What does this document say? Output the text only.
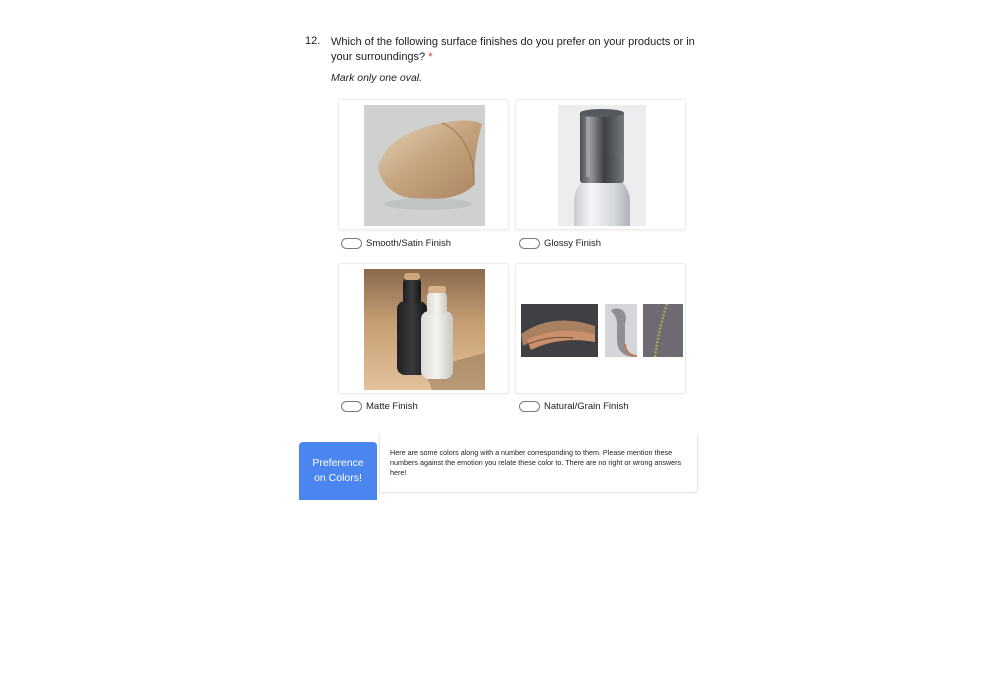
12. Which of the following surface finishes do you prefer on your products or in your surroundings? *
Mark only one oval.
Smooth/Satin Finish	Glossy Finish
Matte Finish	Natural/Grain Finish
Preference
on Colors!
Here are some colors along with a number corresponding to them. Please mention these numbers against the emotion you relate these color to. There are no right or wrong answers here!
